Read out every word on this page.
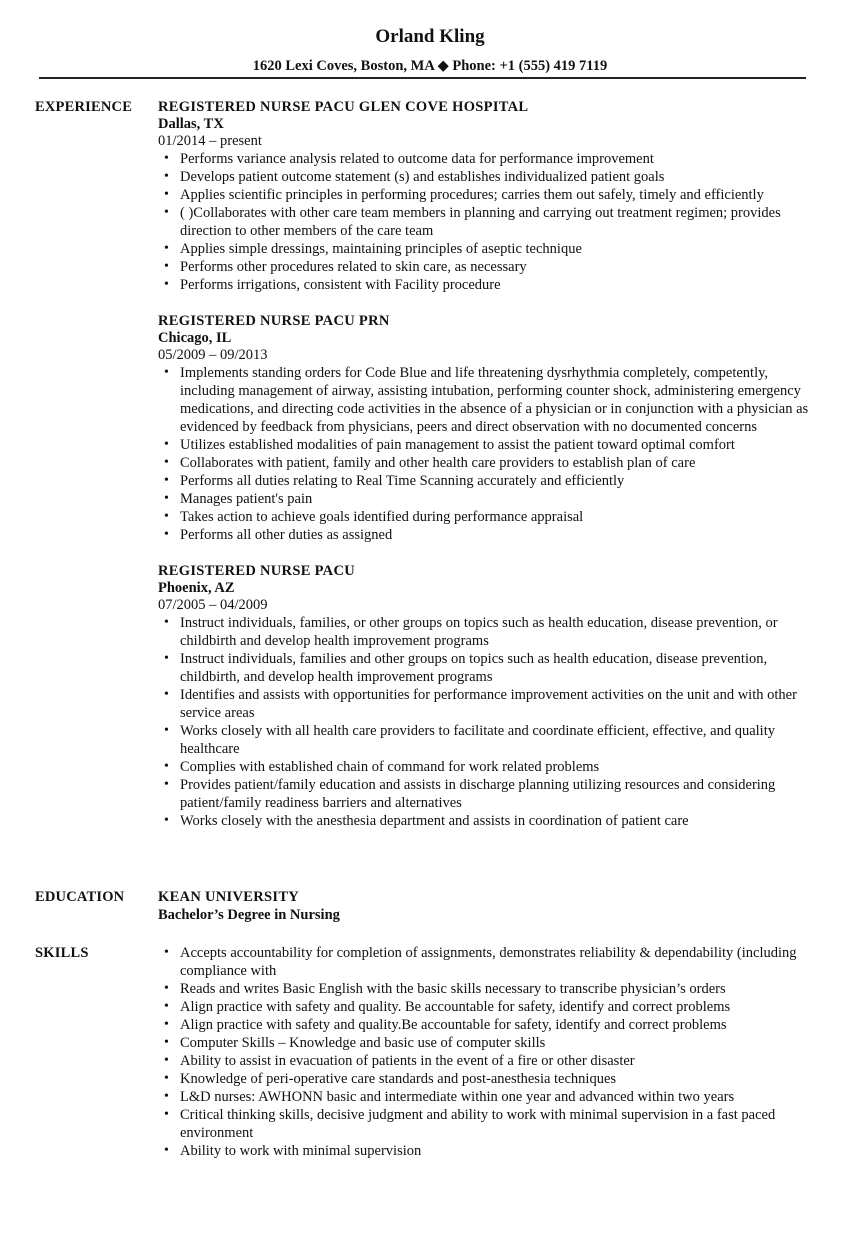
Orland Kling
1620 Lexi Coves, Boston, MA ◆ Phone: +1 (555) 419 7119
EXPERIENCE REGISTERED NURSE PACU GLEN COVE HOSPITAL
Dallas, TX
01/2014 – present
• Performs variance analysis related to outcome data for performance improvement
• Develops patient outcome statement (s) and establishes individualized patient goals
• Applies scientific principles in performing procedures; carries them out safely, timely and efficiently
• ( )Collaborates with other care team members in planning and carrying out treatment regimen; provides direction to other members of the care team
• Applies simple dressings, maintaining principles of aseptic technique
• Performs other procedures related to skin care, as necessary
• Performs irrigations, consistent with Facility procedure
REGISTERED NURSE PACU PRN
Chicago, IL
05/2009 – 09/2013
• Implements standing orders for Code Blue and life threatening dysrhythmia completely, competently, including management of airway, assisting intubation, performing counter shock, administering emergency medications, and directing code activities in the absence of a physician or in conjunction with a physician as evidenced by feedback from physicians, peers and direct observation with no documented concerns
• Utilizes established modalities of pain management to assist the patient toward optimal comfort
• Collaborates with patient, family and other health care providers to establish plan of care
• Performs all duties relating to Real Time Scanning accurately and efficiently
• Manages patient's pain
• Takes action to achieve goals identified during performance appraisal
• Performs all other duties as assigned
REGISTERED NURSE PACU
Phoenix, AZ
07/2005 – 04/2009
• Instruct individuals, families, or other groups on topics such as health education, disease prevention, or childbirth and develop health improvement programs
• Instruct individuals, families and other groups on topics such as health education, disease prevention, childbirth, and develop health improvement programs
• Identifies and assists with opportunities for performance improvement activities on the unit and with other service areas
• Works closely with all health care providers to facilitate and coordinate efficient, effective, and quality healthcare
• Complies with established chain of command for work related problems
• Provides patient/family education and assists in discharge planning utilizing resources and considering patient/family readiness barriers and alternatives
• Works closely with the anesthesia department and assists in coordination of patient care
EDUCATION KEAN UNIVERSITY
Bachelor’s Degree in Nursing
SKILLS
•	Accepts accountability for completion of assignments, demonstrates reliability & dependability (including compliance with
• Reads and writes Basic English with the basic skills necessary to transcribe physician’s orders
• Align practice with safety and quality. Be accountable for safety, identify and correct problems
• Align practice with safety and quality.Be accountable for safety, identify and correct problems
• Computer Skills – Knowledge and basic use of computer skills
• Ability to assist in evacuation of patients in the event of a fire or other disaster
• Knowledge of peri-operative care standards and post-anesthesia techniques
• L&D nurses: AWHONN basic and intermediate within one year and advanced within two years
• Critical thinking skills, decisive judgment and ability to work with minimal supervision in a fast paced environment
• Ability to work with minimal supervision
